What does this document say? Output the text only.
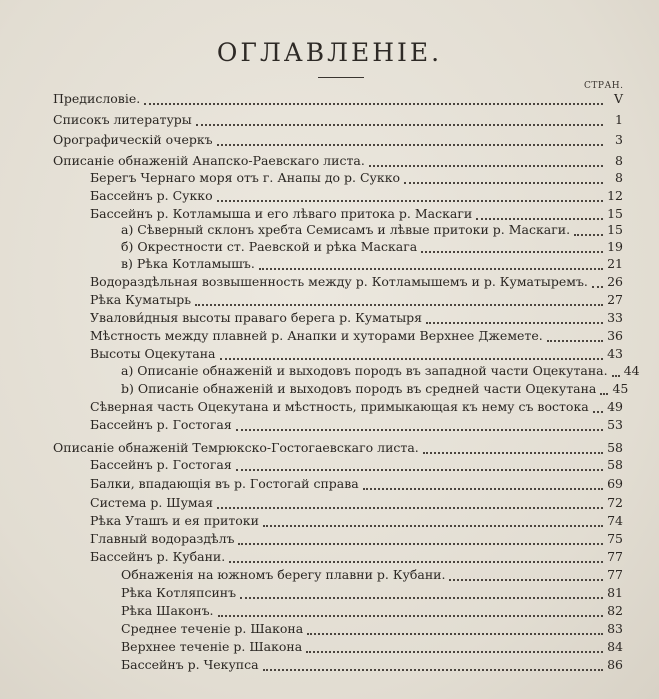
ОГЛАВЛЕНІЕ.
СТРАН.
Предисловіе.	V
Списокъ литературы	1
Орографическій очеркъ	3
Описаніе обнаженій Анапско-Раевскаго листа.	8
Берегъ Чернаго моря отъ г. Анапы до р. Сукко	8
Бассейнъ р. Сукко	12
Бассейнъ р. Котламыша и его лѣваго притока р. Маскаги	15
а) Сѣверный склонъ хребта Семисамъ и лѣвые притоки р. Маскаги.	15
б) Окрестности ст. Раевской и рѣка Маскага	19
в) Рѣка Котламышъ.	21
Водораздѣльная возвышенность между р. Котламышемъ и р. Куматыремъ. 26
Рѣка Куматырь	27
Увалови́дныя высоты праваго берега р. Куматыря	33
Мѣстность между плавней р. Анапки и хуторами Верхнее Джемете.	36
Высоты Оцекутана	43
а) Описаніе обнаженій и выходовъ породъ въ западной части Оцекутана. 44
b) Описаніе обнаженій и выходовъ породъ въ средней части Оцекутана 45
Сѣверная часть Оцекутана и мѣстность, примыкающая къ нему съ востока 49
Бассейнъ р. Гостогая	53
Описаніе обнаженій Темрюкско-Гостогаевскаго листа.	58
Бассейнъ р. Гостогая	58
Балки, впадающія въ р. Гостогай справа	69
Система р. Шумая	72
Рѣка Уташъ и ея притоки	74
Главный водораздѣлъ	75
Бассейнъ р. Кубани.	77
Обнаженія на южномъ берегу плавни р. Кубани.	77
Рѣка Котляпсинъ	81
Рѣка Шаконъ.	82
Среднее теченіе р. Шакона	83
Верхнее теченіе р. Шакона	84
Бассейнъ р. Чекупса	86
